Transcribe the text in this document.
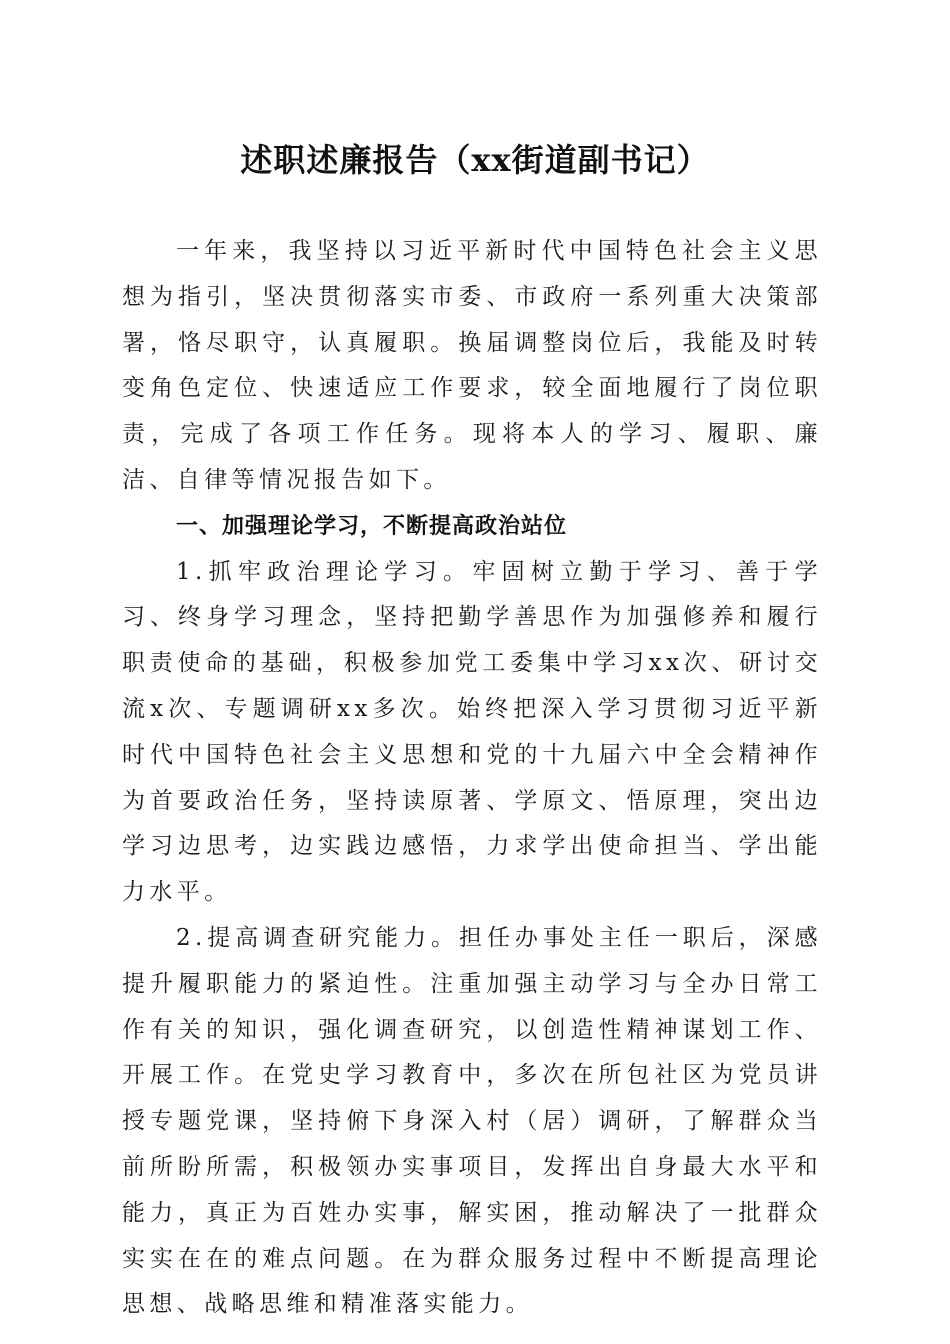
述职述廉报告（xx街道副书记）

一年来，我坚持以习近平新时代中国特色社会主义思想为指引，坚决贯彻落实市委、市政府一系列重大决策部署，恪尽职守，认真履职。换届调整岗位后，我能及时转变角色定位、快速适应工作要求，较全面地履行了岗位职责，完成了各项工作任务。现将本人的学习、履职、廉洁、自律等情况报告如下。

一、加强理论学习，不断提高政治站位

1.抓牢政治理论学习。牢固树立勤于学习、善于学习、终身学习理念，坚持把勤学善思作为加强修养和履行职责使命的基础，积极参加党工委集中学习xx次、研讨交流x次、专题调研xx多次。始终把深入学习贯彻习近平新时代中国特色社会主义思想和党的十九届六中全会精神作为首要政治任务，坚持读原著、学原文、悟原理，突出边学习边思考，边实践边感悟，力求学出使命担当、学出能力水平。

2.提高调查研究能力。担任办事处主任一职后，深感提升履职能力的紧迫性。注重加强主动学习与全办日常工作有关的知识，强化调查研究，以创造性精神谋划工作、开展工作。在党史学习教育中，多次在所包社区为党员讲授专题党课，坚持俯下身深入村（居）调研，了解群众当前所盼所需，积极领办实事项目，发挥出自身最大水平和能力，真正为百姓办实事，解实困，推动解决了一批群众实实在在的难点问题。在为群众服务过程中不断提高理论思想、战略思维和精准落实能力。
